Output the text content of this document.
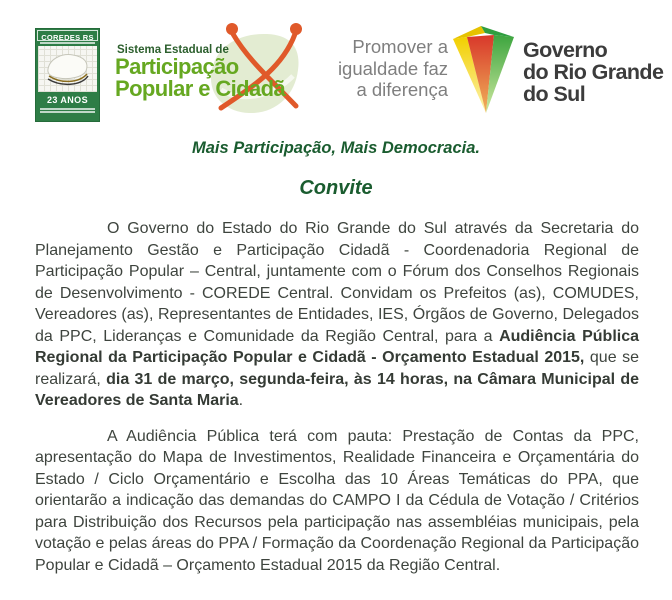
COREDES RS
23 ANOS
Sistema Estadual de
Participação
Popular e Cidadã
Promover a
igualdade faz
a diferença
Governo
do Rio Grande
do Sul
Mais Participação, Mais Democracia.
Convite

O Governo do Estado do Rio Grande do Sul através da Secretaria do Planejamento Gestão e Participação Cidadã - Coordenadoria Regional de Participação Popular – Central, juntamente com o Fórum dos Conselhos Regionais de Desenvolvimento - COREDE Central. Convidam os Prefeitos (as), COMUDES, Vereadores (as), Representantes de Entidades, IES, Órgãos de Governo, Delegados da PPC, Lideranças e Comunidade da Região Central, para a Audiência Pública Regional da Participação Popular e Cidadã - Orçamento Estadual 2015, que se realizará, dia 31 de março, segunda-feira, às 14 horas, na Câmara Municipal de Vereadores de Santa Maria.

A Audiência Pública terá com pauta: Prestação de Contas da PPC, apresentação do Mapa de Investimentos, Realidade Financeira e Orçamentária do Estado / Ciclo Orçamentário e Escolha das 10 Áreas Temáticas do PPA, que orientarão a indicação das demandas do CAMPO I da Cédula de Votação / Critérios para Distribuição dos Recursos pela participação nas assembléias municipais, pela votação e pelas áreas do PPA / Formação da Coordenação Regional da Participação Popular e Cidadã – Orçamento Estadual 2015 da Região Central.
